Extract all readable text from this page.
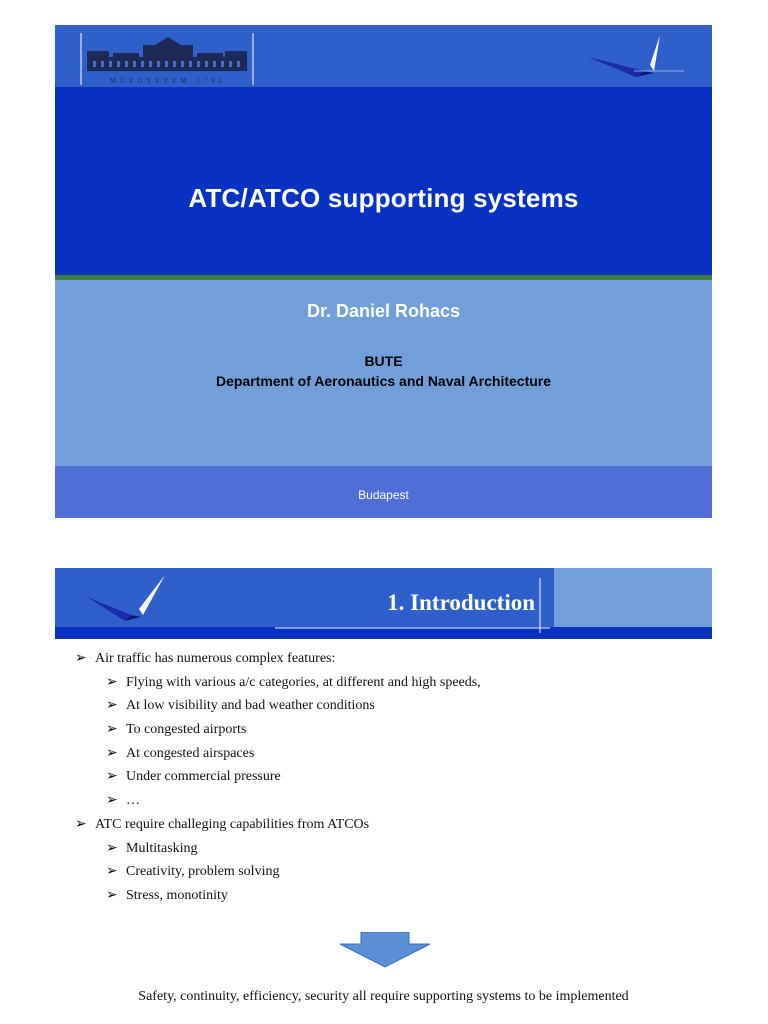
MŰEGYETEM 1782
ATC/ATCO supporting systems
Dr. Daniel Rohacs
BUTE
Department of Aeronautics and Naval Architecture
Budapest
1. Introduction
➢ Air traffic has numerous complex features:
➢ Flying with various a/c categories, at different and high speeds,
➢ At low visibility and bad weather conditions
➢ To congested airports
➢ At congested airspaces
➢ Under commercial pressure
➢ …
➢ ATC require challeging capabilities from ATCOs
➢ Multitasking
➢ Creativity, problem solving
➢ Stress, monotinity
Safety, continuity, efficiency, security all require supporting systems to be implemented
